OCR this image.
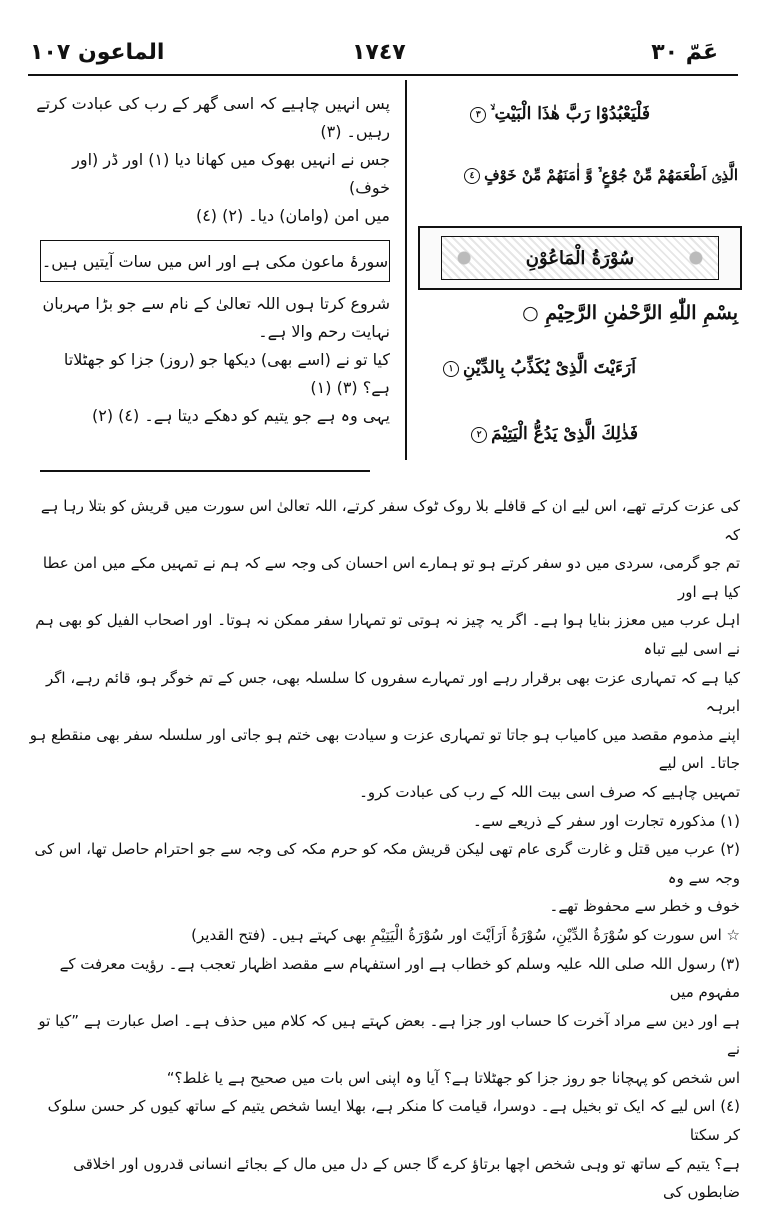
عَمّ ٣٠
١٧٤٧
الماعون ١٠٧
فَلْيَعْبُدُوْا رَبَّ هٰذَا الْبَيْتِ ۙ٣
الَّذِیْۤ اَطْعَمَهُمْ مِّنْ جُوْعٍ ۙ۬ وَّ اٰمَنَهُمْ مِّنْ خَوْفٍ٤
سُوْرَةُ الْمَاعُوْنِ
بِسْمِ اللّٰهِ الرَّحْمٰنِ الرَّحِیْمِ ○
اَرَءَیْتَ الَّذِیْ یُكَذِّبُ بِالدِّیْنِ١
فَذٰلِكَ الَّذِیْ یَدُعُّ الْیَتِیْمَ٢
پس انہیں چاہیے کہ اسی گھر کے رب کی عبادت کرتے
رہیں۔ (٣)
جس نے انہیں بھوک میں کھانا دیا (١) اور ڈر (اور خوف)
میں امن (وامان) دیا۔ (٢) (٤)
سورۂ ماعون مکی ہے اور اس میں سات آیتیں ہیں۔
شروع کرتا ہوں اللہ تعالیٰ کے نام سے جو بڑا مہربان
نہایت رحم والا ہے۔
کیا تو نے (اسے بھی) دیکھا جو (روز) جزا کو جھٹلاتا
ہے؟ (٣) (١)
یہی وہ ہے جو یتیم کو دھکے دیتا ہے۔ (٤) (٢)
کی عزت کرتے تھے، اس لیے ان کے قافلے بلا روک ٹوک سفر کرتے، اللہ تعالیٰ اس سورت میں قریش کو بتلا رہا ہے کہ
تم جو گرمی، سردی میں دو سفر کرتے ہو تو ہمارے اس احسان کی وجہ سے کہ ہم نے تمہیں مکے میں امن عطا کیا ہے اور
اہل عرب میں معزز بنایا ہوا ہے۔ اگر یہ چیز نہ ہوتی تو تمہارا سفر ممکن نہ ہوتا۔ اور اصحاب الفیل کو بھی ہم نے اسی لیے تباہ
کیا ہے کہ تمہاری عزت بھی برقرار رہے اور تمہارے سفروں کا سلسلہ بھی، جس کے تم خوگر ہو، قائم رہے، اگر ابرہہ
اپنے مذموم مقصد میں کامیاب ہو جاتا تو تمہاری عزت و سیادت بھی ختم ہو جاتی اور سلسلہ سفر بھی منقطع ہو جاتا۔ اس لیے
تمہیں چاہیے کہ صرف اسی بیت اللہ کے رب کی عبادت کرو۔
(١) مذکورہ تجارت اور سفر کے ذریعے سے۔
(٢) عرب میں قتل و غارت گری عام تھی لیکن قریش مکہ کو حرم مکہ کی وجہ سے جو احترام حاصل تھا، اس کی وجہ سے وہ
خوف و خطر سے محفوظ تھے۔
☆ اس سورت کو سُوْرَةُ الدِّیْنِ، سُوْرَةُ اَرَاَیْتَ اور سُوْرَةُ الْیَتِیْمِ بھی کہتے ہیں۔ (فتح القدیر)
(٣) رسول اللہ صلی اللہ علیہ وسلم کو خطاب ہے اور استفہام سے مقصد اظہار تعجب ہے۔ رؤیت معرفت کے مفہوم میں
ہے اور دین سے مراد آخرت کا حساب اور جزا ہے۔ بعض کہتے ہیں کہ کلام میں حذف ہے۔ اصل عبارت ہے ”کیا تو نے
اس شخص کو پہچانا جو روز جزا کو جھٹلاتا ہے؟ آیا وہ اپنی اس بات میں صحیح ہے یا غلط؟“
(٤) اس لیے کہ ایک تو بخیل ہے۔ دوسرا، قیامت کا منکر ہے، بھلا ایسا شخص یتیم کے ساتھ کیوں کر حسن سلوک کر سکتا
ہے؟ یتیم کے ساتھ تو وہی شخص اچھا برتاؤ کرے گا جس کے دل میں مال کے بجائے انسانی قدروں اور اخلاقی ضابطوں کی
